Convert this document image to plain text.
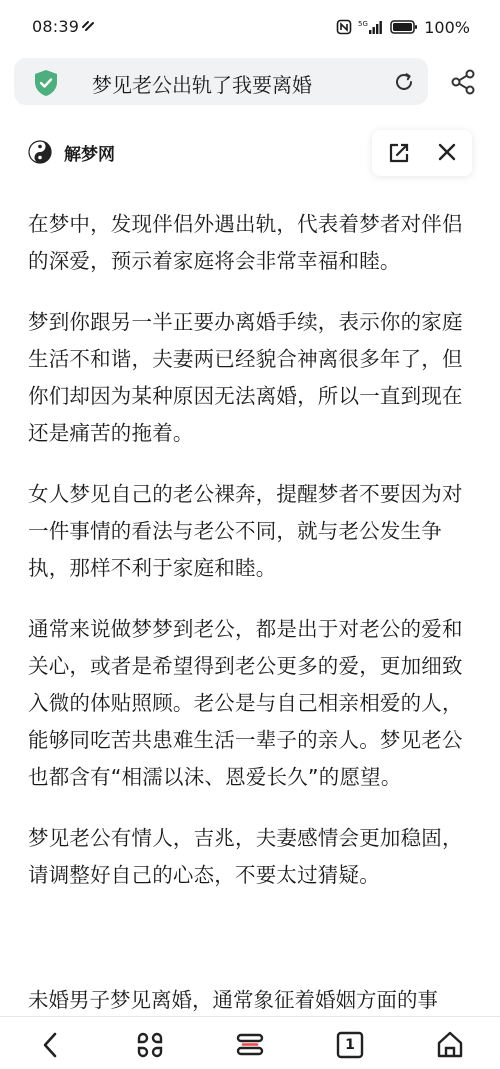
08:39	5G	100%
梦见老公出轨了我要离婚
解梦网

在梦中，发现伴侣外遇出轨，代表着梦者对伴侣的深爱，预示着家庭将会非常幸福和睦。

梦到你跟另一半正要办离婚手续，表示你的家庭生活不和谐，夫妻两已经貌合神离很多年了，但你们却因为某种原因无法离婚，所以一直到现在还是痛苦的拖着。

女人梦见自己的老公裸奔，提醒梦者不要因为对一件事情的看法与老公不同，就与老公发生争执，那样不利于家庭和睦。

通常来说做梦梦到老公，都是出于对老公的爱和关心，或者是希望得到老公更多的爱，更加细致入微的体贴照顾。老公是与自己相亲相爱的人，能够同吃苦共患难生活一辈子的亲人。梦见老公也都含有“相濡以沫、恩爱长久”的愿望。

梦见老公有情人，吉兆，夫妻感情会更加稳固，请调整好自己的心态，不要太过猜疑。

未婚男子梦见离婚，通常象征着婚姻方面的事
1
